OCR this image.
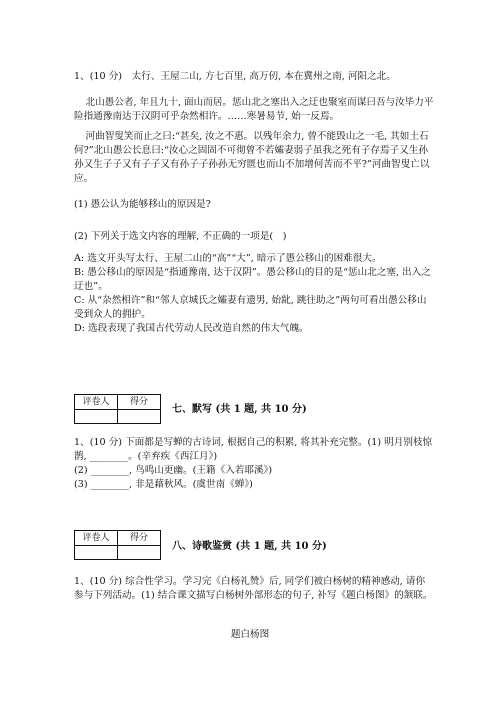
1、(10 分)　太行、王屋二山, 方七百里, 高万仞, 本在冀州之南, 河阳之北。

北山愚公者, 年且九十, 面山而居。惩山北之塞出入之迂也聚室而谋曰吾与汝毕力平险指通豫南达于汉阴可乎杂然相许。……寒暑易节, 始一反焉。

河曲智叟笑而止之曰:“甚矣, 汝之不惠。以残年余力, 曾不能毁山之一毛, 其如土石何?”北山愚公长息曰:“汝心之固固不可彻曾不若孀妻弱子虽我之死有子存焉子又生孙孙又生子子又有子子又有孙子子孙孙无穷匮也而山不加增何苦而不平?”河曲智叟亡以应。

(1) 愚公认为能够移山的原因是?

(2) 下列关于选文内容的理解, 不正确的一项是(　)

A: 选文开头写太行、王屋二山的“高”“大”, 暗示了愚公移山的困难很大。

B: 愚公移山的原因是“指通豫南, 达于汉阴”。愚公移山的目的是“惩山北之塞, 出入之迂也”。

C: 从“杂然相许”和“邻人京城氏之孀妻有遗男, 始龀, 跳往助之”两句可看出愚公移山受到众人的拥护。

D: 选段表现了我国古代劳动人民改造自然的伟大气魄。

评卷人	得分

七、默写 (共 1 题, 共 10 分)

1、(10 分) 下面都是写蝉的古诗词, 根据自己的积累, 将其补充完整。(1) 明月别枝惊鹊, ________。(辛弃疾《西江月》)

(2) ________, 鸟鸣山更幽。(王籍《入若耶溪》)

(3) ________, 非是藉秋风。(虞世南《蝉》)

评卷人	得分

八、诗歌鉴赏 (共 1 题, 共 10 分)

1、(10 分) 综合性学习。学习完《白杨礼赞》后, 同学们被白杨树的精神感动, 请你参与下列活动。(1) 结合课文描写白杨树外部形态的句子, 补写《题白杨图》的颔联。

题白杨图
